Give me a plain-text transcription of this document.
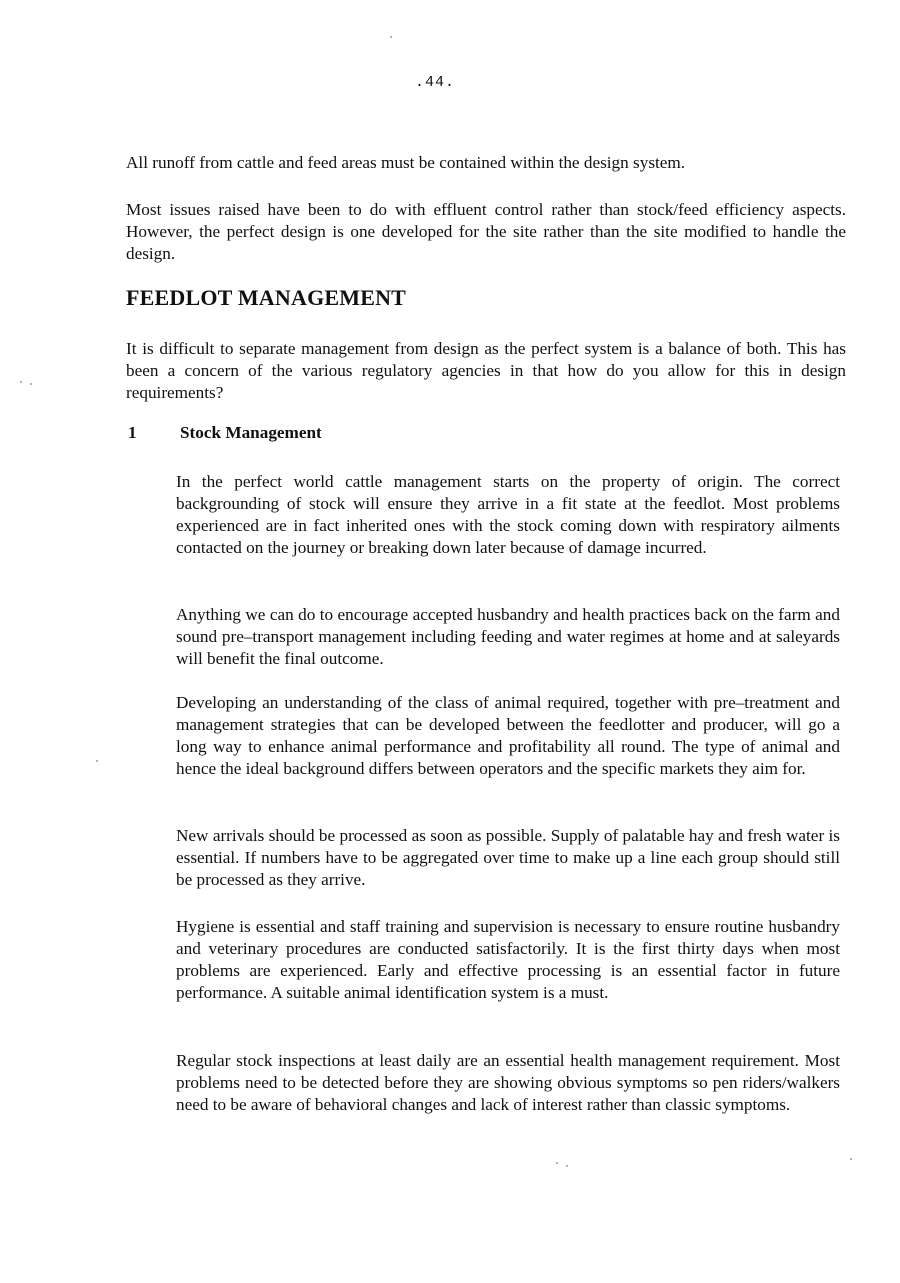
.44.

All runoff from cattle and feed areas must be contained within the design system.

Most issues raised have been to do with effluent control rather than stock/feed efficiency aspects. However, the perfect design is one developed for the site rather than the site modified to handle the design.

FEEDLOT MANAGEMENT

It is difficult to separate management from design as the perfect system is a balance of both. This has been a concern of the various regulatory agencies in that how do you allow for this in design requirements?

1	Stock Management

In the perfect world cattle management starts on the property of origin. The correct backgrounding of stock will ensure they arrive in a fit state at the feedlot. Most problems experienced are in fact inherited ones with the stock coming down with respiratory ailments contacted on the journey or breaking down later because of damage incurred.

Anything we can do to encourage accepted husbandry and health practices back on the farm and sound pre–transport management including feeding and water regimes at home and at saleyards will benefit the final outcome.

Developing an understanding of the class of animal required, together with pre–treatment and management strategies that can be developed between the feedlotter and producer, will go a long way to enhance animal performance and profitability all round. The type of animal and hence the ideal background differs between operators and the specific markets they aim for.

New arrivals should be processed as soon as possible. Supply of palatable hay and fresh water is essential. If numbers have to be aggregated over time to make up a line each group should still be processed as they arrive.

Hygiene is essential and staff training and supervision is necessary to ensure routine husbandry and veterinary procedures are conducted satisfactorily. It is the first thirty days when most problems are experienced. Early and effective processing is an essential factor in future performance. A suitable animal identification system is a must.

Regular stock inspections at least daily are an essential health management requirement. Most problems need to be detected before they are showing obvious symptoms so pen riders/walkers need to be aware of behavioral changes and lack of interest rather than classic symptoms.
